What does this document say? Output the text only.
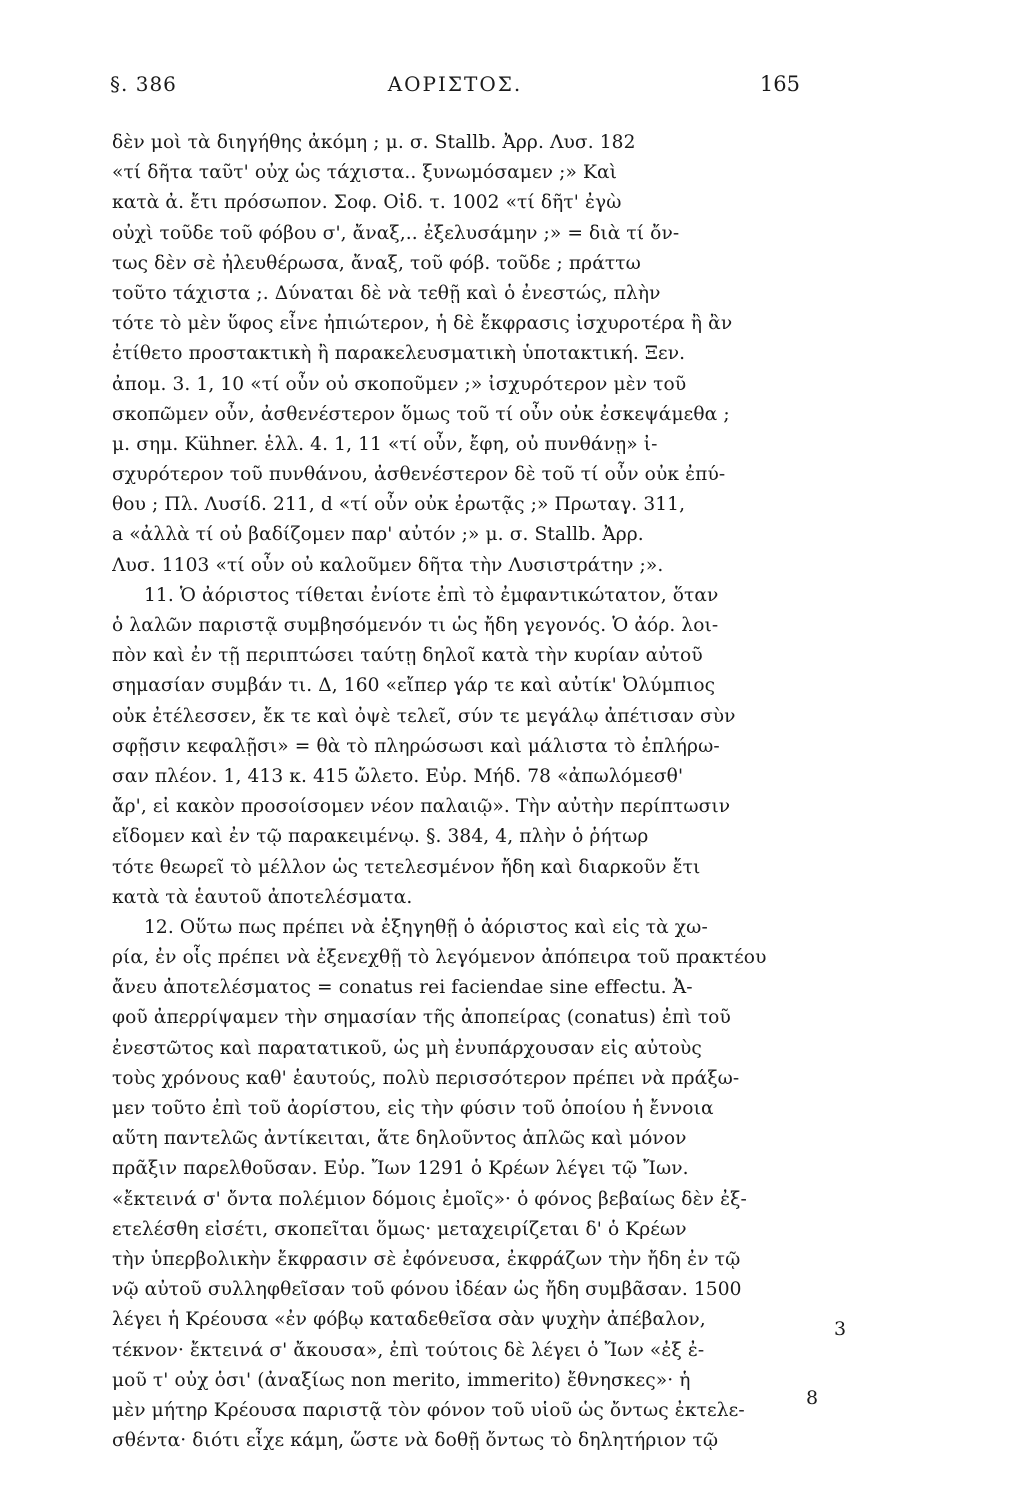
§. 386	ΑΟΡΙΣΤΟΣ.	165
δὲν μοὶ τὰ διηγήθης ἀκόμη ; μ. σ. Stallb. Ἀρρ. Λυσ. 182
«τί δῆτα ταῦτ' οὐχ ὡς τάχιστα.. ξυνωμόσαμεν ;» Καὶ
κατὰ ἀ. ἔτι πρόσωπον. Σοφ. Οἰδ. τ. 1002 «τί δῆτ' ἐγὼ
οὐχὶ τοῦδε τοῦ φόβου σ', ἄναξ,.. ἐξελυσάμην ;» = διὰ τί ὄν-
τως δὲν σὲ ἠλευθέρωσα, ἄναξ, τοῦ φόβ. τοῦδε ; πράττω
τοῦτο τάχιστα ;. Δύναται δὲ νὰ τεθῇ καὶ ὁ ἐνεστώς, πλὴν
τότε τὸ μὲν ὕφος εἶνε ἠπιώτερον, ἡ δὲ ἔκφρασις ἰσχυροτέρα ἢ ἂν
ἐτίθετο προστακτικὴ ἢ παρακελευσματικὴ ὑποτακτική. Ξεν.
ἀπομ. 3. 1, 10 «τί οὖν οὐ σκοποῦμεν ;» ἰσχυρότερον μὲν τοῦ
σκοπῶμεν οὖν, ἀσθενέστερον ὅμως τοῦ τί οὖν οὐκ ἐσκεψάμεθα ;
μ. σημ. Kühner. ἑλλ. 4. 1, 11 «τί οὖν, ἔφη, οὐ πυνθάνῃ» ἰ-
σχυρότερον τοῦ πυνθάνου, ἀσθενέστερον δὲ τοῦ τί οὖν οὐκ ἐπύ-
θου ; Πλ. Λυσίδ. 211, d «τί οὖν οὐκ ἐρωτᾷς ;» Πρωταγ. 311,
a «ἀλλὰ τί οὐ βαδίζομεν παρ' αὐτόν ;» μ. σ. Stallb. Ἀρρ.
Λυσ. 1103 «τί οὖν οὐ καλοῦμεν δῆτα τὴν Λυσιστράτην ;».
11. Ὁ ἀόριστος τίθεται ἐνίοτε ἐπὶ τὸ ἐμφαντικώτατον, ὅταν
ὁ λαλῶν παριστᾷ συμβησόμενόν τι ὡς ἤδη γεγονός. Ὁ ἀόρ. λοι-
πὸν καὶ ἐν τῇ περιπτώσει ταύτῃ δηλοῖ κατὰ τὴν κυρίαν αὐτοῦ
σημασίαν συμβάν τι. Δ, 160 «εἴπερ γάρ τε καὶ αὐτίκ' Ὀλύμπιος
οὐκ ἐτέλεσσεν, ἔκ τε καὶ ὀψὲ τελεῖ, σύν τε μεγάλῳ ἀπέτισαν σὺν
σφῇσιν κεφαλῇσι» = θὰ τὸ πληρώσωσι καὶ μάλιστα τὸ ἐπλήρω-
σαν πλέον. 1, 413 κ. 415 ὤλετο. Εὐρ. Μήδ. 78 «ἀπωλόμεσθ'
ἄρ', εἰ κακὸν προσοίσομεν νέον παλαιῷ». Τὴν αὐτὴν περίπτωσιν
εἴδομεν καὶ ἐν τῷ παρακειμένῳ. §. 384, 4, πλὴν ὁ ῥήτωρ
τότε θεωρεῖ τὸ μέλλον ὡς τετελεσμένον ἤδη καὶ διαρκοῦν ἔτι
κατὰ τὰ ἑαυτοῦ ἀποτελέσματα.
12. Οὕτω πως πρέπει νὰ ἐξηγηθῇ ὁ ἀόριστος καὶ εἰς τὰ χω-
ρία, ἐν οἷς πρέπει νὰ ἐξενεχθῇ τὸ λεγόμενον ἀπόπειρα τοῦ πρακτέου
ἄνευ ἀποτελέσματος = conatus rei faciendae sine effectu. Ἀ-
φοῦ ἀπερρίψαμεν τὴν σημασίαν τῆς ἀποπείρας (conatus) ἐπὶ τοῦ
ἐνεστῶτος καὶ παρατατικοῦ, ὡς μὴ ἐνυπάρχουσαν εἰς αὐτοὺς
τοὺς χρόνους καθ' ἑαυτούς, πολὺ περισσότερον πρέπει νὰ πράξω-
μεν τοῦτο ἐπὶ τοῦ ἀορίστου, εἰς τὴν φύσιν τοῦ ὁποίου ἡ ἔννοια
αὕτη παντελῶς ἀντίκειται, ἅτε δηλοῦντος ἁπλῶς καὶ μόνον
πρᾶξιν παρελθοῦσαν. Εὐρ. Ἴων 1291 ὁ Κρέων λέγει τῷ Ἴων.
«ἔκτεινά σ' ὄντα πολέμιον δόμοις ἐμοῖς»· ὁ φόνος βεβαίως δὲν ἐξ-
ετελέσθη εἰσέτι, σκοπεῖται ὅμως· μεταχειρίζεται δ' ὁ Κρέων
τὴν ὑπερβολικὴν ἔκφρασιν σὲ ἐφόνευσα, ἐκφράζων τὴν ἤδη ἐν τῷ
νῷ αὐτοῦ συλληφθεῖσαν τοῦ φόνου ἰδέαν ὡς ἤδη συμβᾶσαν. 1500
λέγει ἡ Κρέουσα «ἐν φόβῳ καταδεθεῖσα σὰν ψυχὴν ἀπέβαλον,
τέκνον· ἔκτεινά σ' ἄκουσα», ἐπὶ τούτοις δὲ λέγει ὁ Ἴων «ἐξ ἐ-
μοῦ τ' οὐχ ὁσι' (ἀναξίως non merito, immerito) ἔθνησκες»· ἡ
μὲν μήτηρ Κρέουσα παριστᾷ τὸν φόνον τοῦ υἱοῦ ὡς ὄντως ἐκτελε-
σθέντα· διότι εἶχε κάμη, ὥστε νὰ δοθῇ ὄντως τὸ δηλητήριον τῷ
3
8
